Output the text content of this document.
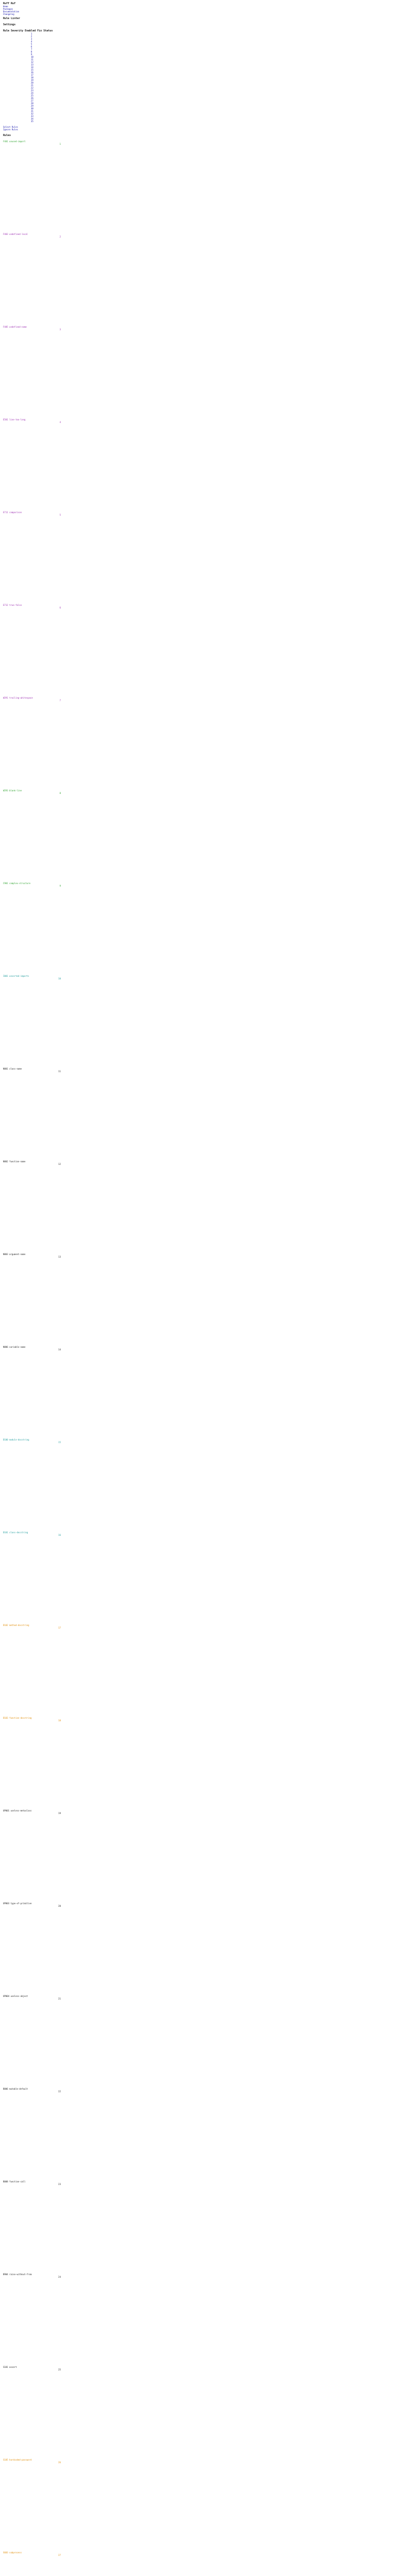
Ruff Ruf
Home
Packages
Documentation
Changelog
Rule Linter
Settings
Rule Severity Enabled Fix Status
1
2
3
4
5
6
7
8
9
10
11
12
13
14
15
16
17
18
19
20
21
22
23
24
25
26
27
28
29
30
31
32
33
34
35
Select Rules
Ignore Rules
Rules
F401 unused-import
1
F403 undefined-local
2
F405 undefined-name
3
E501 line-too-long
4
E711 comparison
5
E712 true-false
6
W291 trailing-whitespace
7
W293 blank-line
8
C901 complex-structure
9
I001 unsorted-imports
10
N801 class-name
11
N802 function-name
12
N803 argument-name
13
N806 variable-name
14
D100 module-docstring
15
D101 class-docstring
16
D102 method-docstring
17
D103 function-docstring
18
UP001 useless-metaclass
19
UP003 type-of-primitive
20
UP004 useless-object
21
B006 mutable-default
22
B008 function-call
23
B904 raise-without-from
24
S101 assert
25
S105 hardcoded-password
26
S603 subprocess
27
